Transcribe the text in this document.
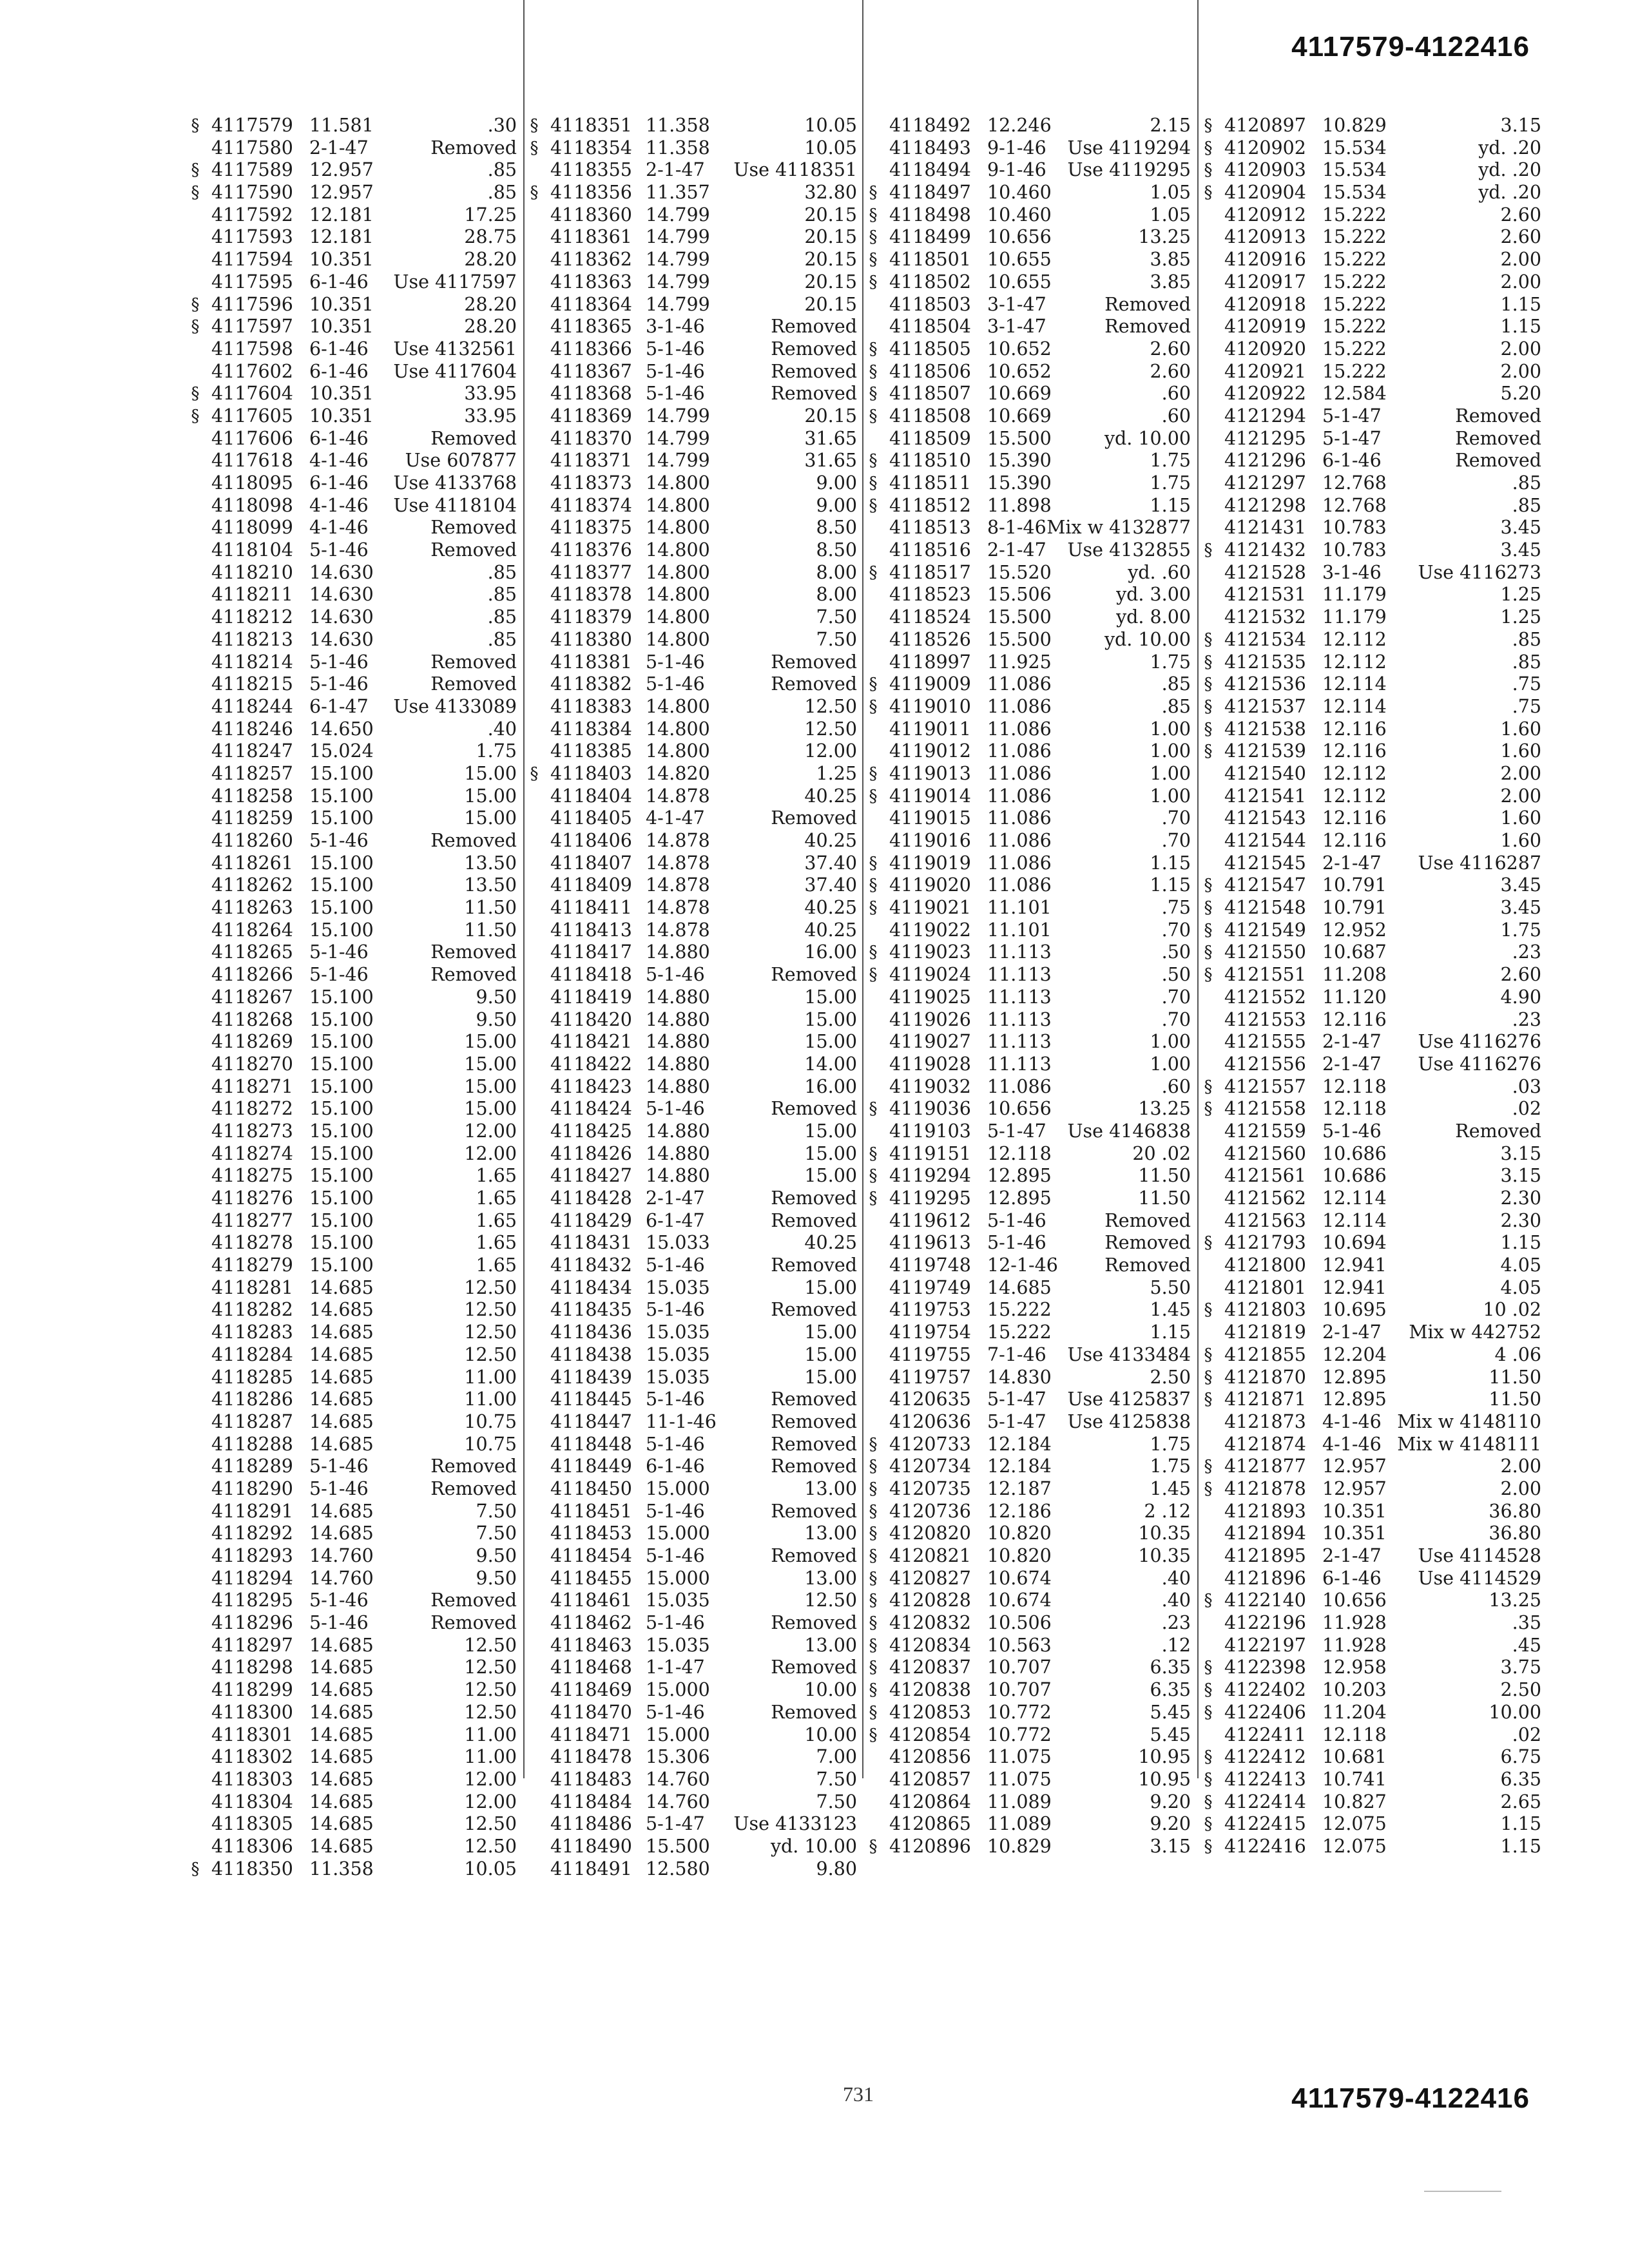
4117579-4122416
§ 4117579 11.581	.30
4117580 2-1-47	Removed
§ 4117589 12.957	.85
§ 4117590 12.957	.85
4117592 12.181	17.25
4117593 12.181	28.75
4117594 10.351	28.20
4117595 6-1-46 Use 4117597
§ 4117596 10.351	28.20
§ 4117597 10.351	28.20
4117598 6-1-46 Use 4132561
4117602 6-1-46 Use 4117604
§ 4117604 10.351	33.95
§ 4117605 10.351	33.95
4117606 6-1-46	Removed
4117618 4-1-46 Use 607877
4118095 6-1-46 Use 4133768
4118098 4-1-46 Use 4118104
4118099 4-1-46	Removed
4118104 5-1-46	Removed
4118210 14.630	.85
4118211 14.630	.85
4118212 14.630	.85
4118213 14.630	.85
4118214 5-1-46	Removed
4118215 5-1-46	Removed
4118244 6-1-47 Use 4133089
4118246 14.650	.40
4118247 15.024	1.75
4118257 15.100	15.00
4118258 15.100	15.00
4118259 15.100	15.00
4118260 5-1-46	Removed
4118261 15.100	13.50
4118262 15.100	13.50
4118263 15.100	11.50
4118264 15.100	11.50
4118265 5-1-46	Removed
4118266 5-1-46	Removed
4118267 15.100	9.50
4118268 15.100	9.50
4118269 15.100	15.00
4118270 15.100	15.00
4118271 15.100	15.00
4118272 15.100	15.00
4118273 15.100	12.00
4118274 15.100	12.00
4118275 15.100	1.65
4118276 15.100	1.65
4118277 15.100	1.65
4118278 15.100	1.65
4118279 15.100	1.65
4118281 14.685	12.50
4118282 14.685	12.50
4118283 14.685	12.50
4118284 14.685	12.50
4118285 14.685	11.00
4118286 14.685	11.00
4118287 14.685	10.75
4118288 14.685	10.75
4118289 5-1-46	Removed
4118290 5-1-46	Removed
4118291 14.685	7.50
4118292 14.685	7.50
4118293 14.760	9.50
4118294 14.760	9.50
4118295 5-1-46	Removed
4118296 5-1-46	Removed
4118297 14.685	12.50
4118298 14.685	12.50
4118299 14.685	12.50
4118300 14.685	12.50
4118301 14.685	11.00
4118302 14.685	11.00
4118303 14.685	12.00
4118304 14.685	12.00
4118305 14.685	12.50
4118306 14.685	12.50
§ 4118350 11.358	10.05
§ 4118351 11.358	10.05
§ 4118354 11.358	10.05
4118355 2-1-47 Use 4118351
§ 4118356 11.357	32.80
4118360 14.799	20.15
4118361 14.799	20.15
4118362 14.799	20.15
4118363 14.799	20.15
4118364 14.799	20.15
4118365 3-1-46	Removed
4118366 5-1-46	Removed
4118367 5-1-46	Removed
4118368 5-1-46	Removed
4118369 14.799	20.15
4118370 14.799	31.65
4118371 14.799	31.65
4118373 14.800	9.00
4118374 14.800	9.00
4118375 14.800	8.50
4118376 14.800	8.50
4118377 14.800	8.00
4118378 14.800	8.00
4118379 14.800	7.50
4118380 14.800	7.50
4118381 5-1-46	Removed
4118382 5-1-46	Removed
4118383 14.800	12.50
4118384 14.800	12.50
4118385 14.800	12.00
§ 4118403 14.820	1.25
4118404 14.878	40.25
4118405 4-1-47	Removed
4118406 14.878	40.25
4118407 14.878	37.40
4118409 14.878	37.40
4118411 14.878	40.25
4118413 14.878	40.25
4118417 14.880	16.00
4118418 5-1-46	Removed
4118419 14.880	15.00
4118420 14.880	15.00
4118421 14.880	15.00
4118422 14.880	14.00
4118423 14.880	16.00
4118424 5-1-46	Removed
4118425 14.880	15.00
4118426 14.880	15.00
4118427 14.880	15.00
4118428 2-1-47	Removed
4118429 6-1-47	Removed
4118431 15.033	40.25
4118432 5-1-46	Removed
4118434 15.035	15.00
4118435 5-1-46	Removed
4118436 15.035	15.00
4118438 15.035	15.00
4118439 15.035	15.00
4118445 5-1-46	Removed
4118447 11-1-46	Removed
4118448 5-1-46	Removed
4118449 6-1-46	Removed
4118450 15.000	13.00
4118451 5-1-46	Removed
4118453 15.000	13.00
4118454 5-1-46	Removed
4118455 15.000	13.00
4118461 15.035	12.50
4118462 5-1-46	Removed
4118463 15.035	13.00
4118468 1-1-47	Removed
4118469 15.000	10.00
4118470 5-1-46	Removed
4118471 15.000	10.00
4118478 15.306	7.00
4118483 14.760	7.50
4118484 14.760	7.50
4118486 5-1-47 Use 4133123
4118490 15.500	yd. 10.00
4118491 12.580	9.80
4118492 12.246	2.15
4118493 9-1-46 Use 4119294
4118494 9-1-46 Use 4119295
§ 4118497 10.460	1.05
§ 4118498 10.460	1.05
§ 4118499 10.656	13.25
§ 4118501 10.655	3.85
§ 4118502 10.655	3.85
4118503 3-1-47	Removed
4118504 3-1-47	Removed
§ 4118505 10.652	2.60
§ 4118506 10.652	2.60
§ 4118507 10.669	.60
§ 4118508 10.669	.60
4118509 15.500	yd. 10.00
§ 4118510 15.390	1.75
§ 4118511 15.390	1.75
§ 4118512 11.898	1.15
4118513 8-1-46 Mix w 4132877
4118516 2-1-47 Use 4132855
§ 4118517 15.520	yd. .60
4118523 15.506	yd. 3.00
4118524 15.500	yd. 8.00
4118526 15.500	yd. 10.00
4118997 11.925	1.75
§ 4119009 11.086	.85
§ 4119010 11.086	.85
4119011 11.086	1.00
4119012 11.086	1.00
§ 4119013 11.086	1.00
§ 4119014 11.086	1.00
4119015 11.086	.70
4119016 11.086	.70
§ 4119019 11.086	1.15
§ 4119020 11.086	1.15
§ 4119021 11.101	.75
4119022 11.101	.70
§ 4119023 11.113	.50
§ 4119024 11.113	.50
4119025 11.113	.70
4119026 11.113	.70
4119027 11.113	1.00
4119028 11.113	1.00
4119032 11.086	.60
§ 4119036 10.656	13.25
4119103 5-1-47 Use 4146838
§ 4119151 12.118	20 .02
§ 4119294 12.895	11.50
§ 4119295 12.895	11.50
4119612 5-1-46	Removed
4119613 5-1-46	Removed
4119748 12-1-46	Removed
4119749 14.685	5.50
4119753 15.222	1.45
4119754 15.222	1.15
4119755 7-1-46 Use 4133484
4119757 14.830	2.50
4120635 5-1-47 Use 4125837
4120636 5-1-47 Use 4125838
§ 4120733 12.184	1.75
§ 4120734 12.184	1.75
§ 4120735 12.187	1.45
§ 4120736 12.186	2 .12
§ 4120820 10.820	10.35
§ 4120821 10.820	10.35
§ 4120827 10.674	.40
§ 4120828 10.674	.40
§ 4120832 10.506	.23
§ 4120834 10.563	.12
§ 4120837 10.707	6.35
§ 4120838 10.707	6.35
§ 4120853 10.772	5.45
§ 4120854 10.772	5.45
4120856 11.075	10.95
4120857 11.075	10.95
4120864 11.089	9.20
4120865 11.089	9.20
§ 4120896 10.829	3.15
§ 4120897 10.829	3.15
§ 4120902 15.534	yd. .20
§ 4120903 15.534	yd. .20
§ 4120904 15.534	yd. .20
4120912 15.222	2.60
4120913 15.222	2.60
4120916 15.222	2.00
4120917 15.222	2.00
4120918 15.222	1.15
4120919 15.222	1.15
4120920 15.222	2.00
4120921 15.222	2.00
4120922 12.584	5.20
4121294 5-1-47	Removed
4121295 5-1-47	Removed
4121296 6-1-46	Removed
4121297 12.768	.85
4121298 12.768	.85
4121431 10.783	3.45
§ 4121432 10.783	3.45
4121528 3-1-46 Use 4116273
4121531 11.179	1.25
4121532 11.179	1.25
§ 4121534 12.112	.85
§ 4121535 12.112	.85
§ 4121536 12.114	.75
§ 4121537 12.114	.75
§ 4121538 12.116	1.60
§ 4121539 12.116	1.60
4121540 12.112	2.00
4121541 12.112	2.00
4121543 12.116	1.60
4121544 12.116	1.60
4121545 2-1-47 Use 4116287
§ 4121547 10.791	3.45
§ 4121548 10.791	3.45
§ 4121549 12.952	1.75
§ 4121550 10.687	.23
§ 4121551 11.208	2.60
4121552 11.120	4.90
4121553 12.116	.23
4121555 2-1-47 Use 4116276
4121556 2-1-47 Use 4116276
§ 4121557 12.118	.03
§ 4121558 12.118	.02
4121559 5-1-46	Removed
4121560 10.686	3.15
4121561 10.686	3.15
4121562 12.114	2.30
4121563 12.114	2.30
§ 4121793 10.694	1.15
4121800 12.941	4.05
4121801 12.941	4.05
§ 4121803 10.695	10 .02
4121819 2-1-47 Mix w 442752
§ 4121855 12.204	4 .06
§ 4121870 12.895	11.50
§ 4121871 12.895	11.50
4121873 4-1-46 Mix w 4148110
4121874 4-1-46 Mix w 4148111
§ 4121877 12.957	2.00
§ 4121878 12.957	2.00
4121893 10.351	36.80
4121894 10.351	36.80
4121895 2-1-47 Use 4114528
4121896 6-1-46 Use 4114529
§ 4122140 10.656	13.25
4122196 11.928	.35
4122197 11.928	.45
§ 4122398 12.958	3.75
§ 4122402 10.203	2.50
§ 4122406 11.204	10.00
4122411 12.118	.02
§ 4122412 10.681	6.75
§ 4122413 10.741	6.35
§ 4122414 10.827	2.65
§ 4122415 12.075	1.15
§ 4122416 12.075	1.15
731	4117579-4122416
